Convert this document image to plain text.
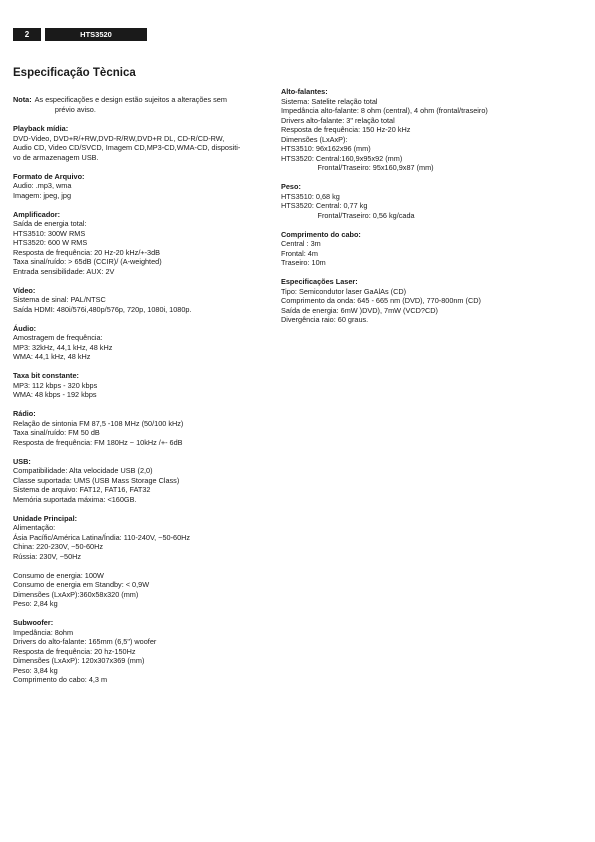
2	HTS3520
Especificação Tècnica
Nota: As especificações e design estão sujeitos a alterações sem
prévio aviso.
Playback mídia:
DVD-Video, DVD+R/+RW,DVD-R/RW,DVD+R DL, CD-R/CD-RW,
Audio CD, Video CD/SVCD, Imagem CD,MP3-CD,WMA-CD, dispositi-
vo de armazenagem USB.
Formato de Arquivo:
Audio: .mp3, wma
Imagem: jpeg, jpg
Amplificador:
Saída de energia total:
HTS3510: 300W RMS
HTS3520: 600 W RMS
Resposta de frequência: 20 Hz-20 kHz/+-3dB
Taxa sinal/ruído: > 65dB (CCIR)/ (A-weighted)
Entrada sensibilidade: AUX: 2V
Vídeo:
Sistema de sinal: PAL/NTSC
Saída HDMI: 480i/576i,480p/576p, 720p, 1080i, 1080p.
Áudio:
Amostragem de frequência:
MP3: 32kHz, 44,1 kHz, 48 kHz
WMA: 44,1 kHz, 48 kHz
Taxa bit constante:
MP3: 112 kbps - 320 kbps
WMA: 48 kbps - 192 kbps
Rádio:
Relação de sintonia FM 87,5 -108 MHz (50/100 kHz)
Taxa sinal/ruído: FM 50 dB
Resposta de frequência: FM 180Hz ~ 10kHz /+- 6dB
USB:
Compatibilidade: Alta velocidade USB (2,0)
Classe suportada: UMS (USB Mass Storage Class)
Sistema de arquivo: FAT12, FAT16, FAT32
Memória suportada máxima: <160GB.
Unidade Principal:
Alimentação:
Ásia Pacífic/América Latina/Índia: 110-240V, ~50-60Hz
China: 220-230V, ~50-60Hz
Rússia: 230V, ~50Hz
Consumo de energia: 100W
Consumo de energia em Standby: < 0,9W
Dimensões (LxAxP):360x58x320 (mm)
Peso: 2,84 kg
Subwoofer:
Impedância: 8ohm
Drivers do alto-falante: 165mm (6,5") woofer
Resposta de frequência: 20 hz-150Hz
Dimensões (LxAxP): 120x307x369 (mm)
Peso: 3,84 kg
Comprimento do cabo: 4,3 m
Alto-falantes:
Sistema: Satelite relação total
Impedância alto-falante: 8 ohm (central), 4 ohm (frontal/traseiro)
Drivers alto-falante: 3" relação total
Resposta de frequência: 150 Hz-20 kHz
Dimensões (LxAxP):
HTS3510: 96x162x96 (mm)
HTS3520: Central:160,9x95x92 (mm)
Frontal/Traseiro: 95x160,9x87 (mm)
Peso:
HTS3510: 0,68 kg
HTS3520: Central: 0,77 kg
Frontal/Traseiro: 0,56 kg/cada
Comprimento do cabo:
Central : 3m
Frontal: 4m
Traseiro: 10m
Especificações Laser:
Tipo: Semicondutor laser GaAlAs (CD)
Comprimento da onda: 645 - 665 nm (DVD), 770-800nm (CD)
Saída de energia: 6mW )DVD), 7mW (VCD?CD)
Divergência raio: 60 graus.
